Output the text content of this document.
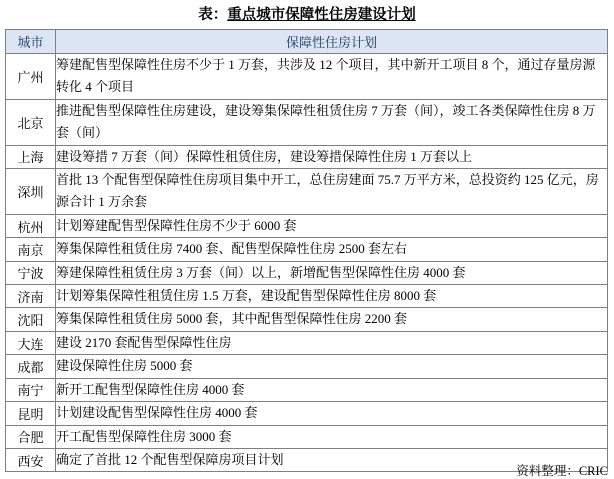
表：重点城市保障性住房建设计划
城市	保障性住房计划
广州	筹建配售型保障性住房不少于 1 万套，共涉及 12 个项目，其中新开工项目 8 个，通过存量房源转化 4 个项目
北京	推进配售型保障性住房建设，建设筹集保障性租赁住房 7 万套（间），竣工各类保障性住房 8 万套（间）
上海	建设筹措 7 万套（间）保障性租赁住房，建设筹措保障性住房 1 万套以上
深圳	首批 13 个配售型保障性住房项目集中开工，总住房建面 75.7 万平方米，总投资约 125 亿元，房源合计 1 万余套
杭州	计划筹建配售型保障性住房不少于 6000 套
南京	筹集保障性租赁住房 7400 套、配售型保障性住房 2500 套左右
宁波	筹建保障性租赁住房 3 万套（间）以上，新增配售型保障性住房 4000 套
济南	计划筹集保障性租赁住房 1.5 万套，建设配售型保障性住房 8000 套
沈阳	筹集保障性租赁住房 5000 套，其中配售型保障性住房 2200 套
大连	建设 2170 套配售型保障性住房
成都	建设保障性住房 5000 套
南宁	新开工配售型保障性住房 4000 套
昆明	计划建设配售型保障性住房 4000 套
合肥	开工配售型保障性住房 3000 套
西安	确定了首批 12 个配售型保障房项目计划
资料整理：CRIC
